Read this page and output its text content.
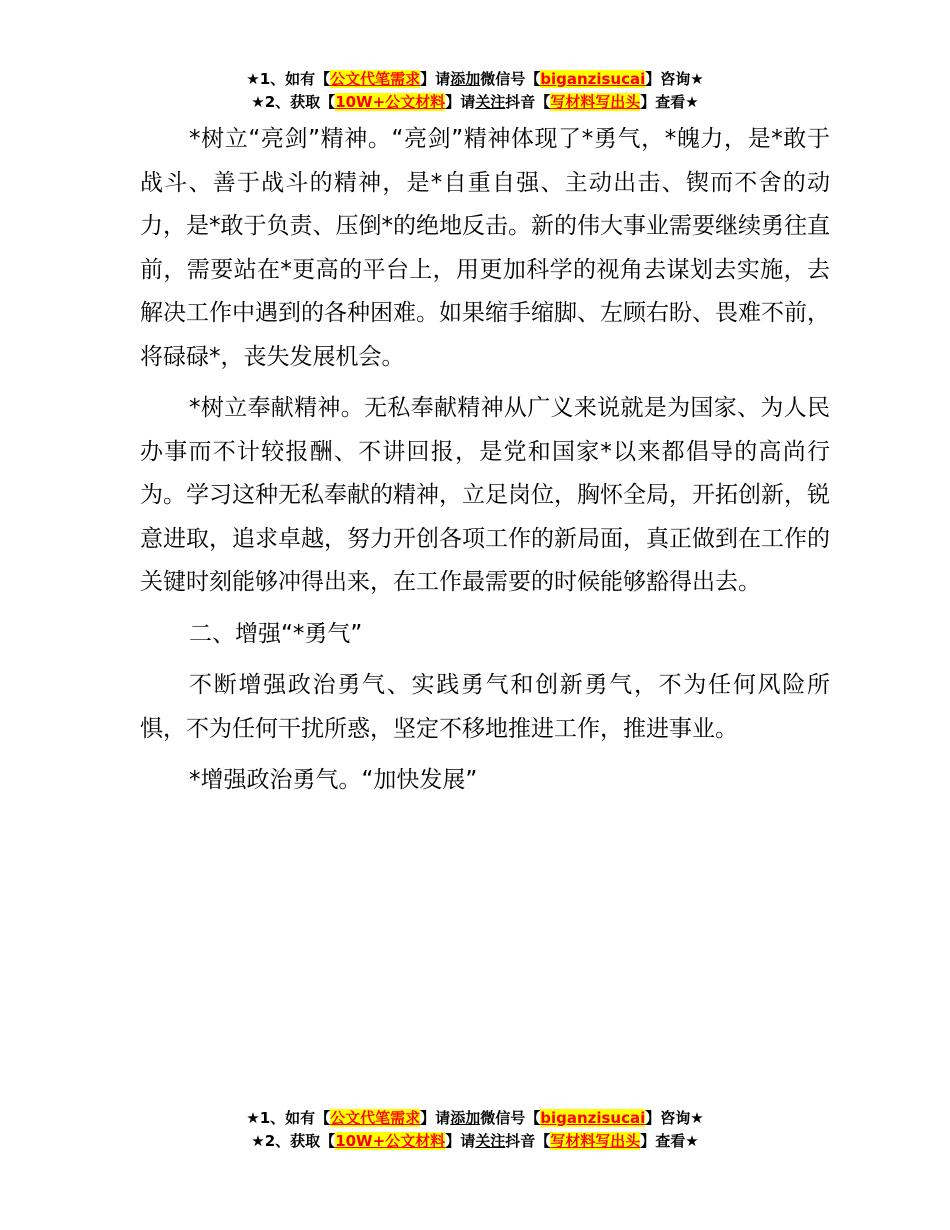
★1、如有【公文代笔需求】请添加微信号【biganzisucai】咨询★
★2、获取【10W+公文材料】请关注抖音【写材料写出头】查看★

*树立“亮剑”精神。“亮剑”精神体现了*勇气，*魄力，是*敢于战斗、善于战斗的精神，是*自重自强、主动出击、锲而不舍的动力，是*敢于负责、压倒*的绝地反击。新的伟大事业需要继续勇往直前，需要站在*更高的平台上，用更加科学的视角去谋划去实施，去解决工作中遇到的各种困难。如果缩手缩脚、左顾右盼、畏难不前，将碌碌*，丧失发展机会。

*树立奉献精神。无私奉献精神从广义来说就是为国家、为人民办事而不计较报酬、不讲回报，是党和国家*以来都倡导的高尚行为。学习这种无私奉献的精神，立足岗位，胸怀全局，开拓创新，锐意进取，追求卓越，努力开创各项工作的新局面，真正做到在工作的关键时刻能够冲得出来，在工作最需要的时候能够豁得出去。

二、增强“*勇气”

不断增强政治勇气、实践勇气和创新勇气，不为任何风险所惧，不为任何干扰所惑，坚定不移地推进工作，推进事业。

*增强政治勇气。“加快发展”

★1、如有【公文代笔需求】请添加微信号【biganzisucai】咨询★
★2、获取【10W+公文材料】请关注抖音【写材料写出头】查看★
